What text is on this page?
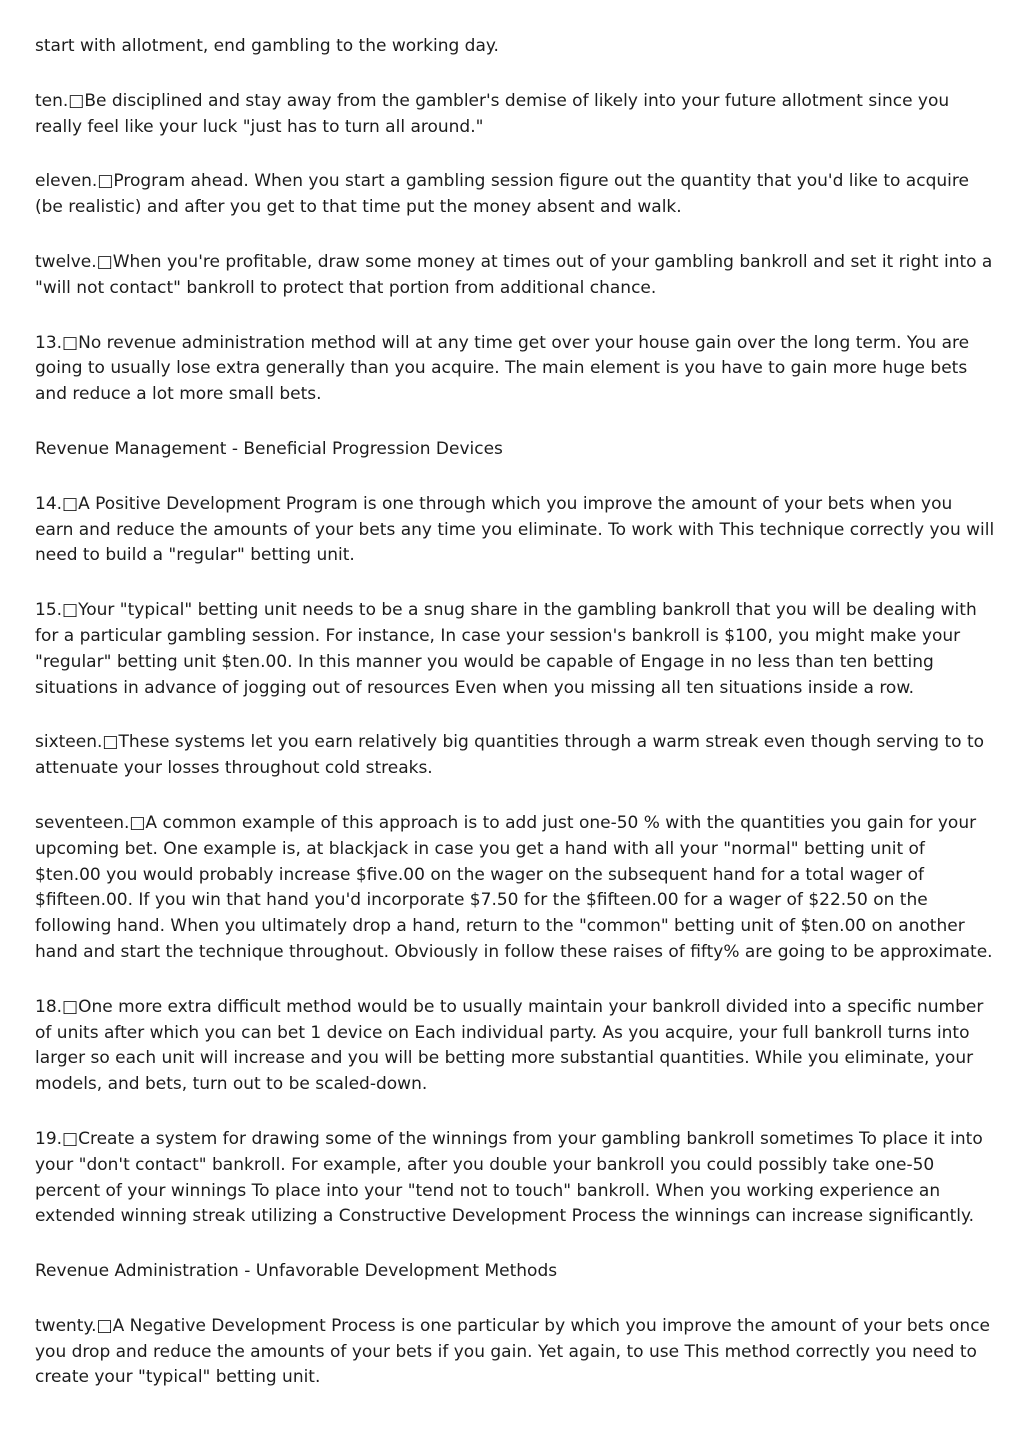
start with allotment, end gambling to the working day.

ten.□Be disciplined and stay away from the gambler's demise of likely into your future allotment since you really feel like your luck "just has to turn all around."

eleven.□Program ahead. When you start a gambling session figure out the quantity that you'd like to acquire (be realistic) and after you get to that time put the money absent and walk.

twelve.□When you're profitable, draw some money at times out of your gambling bankroll and set it right into a "will not contact" bankroll to protect that portion from additional chance.

13.□No revenue administration method will at any time get over your house gain over the long term. You are going to usually lose extra generally than you acquire. The main element is you have to gain more huge bets and reduce a lot more small bets.

Revenue Management - Beneficial Progression Devices

14.□A Positive Development Program is one through which you improve the amount of your bets when you earn and reduce the amounts of your bets any time you eliminate. To work with This technique correctly you will need to build a "regular" betting unit.

15.□Your "typical" betting unit needs to be a snug share in the gambling bankroll that you will be dealing with for a particular gambling session. For instance, In case your session's bankroll is $100, you might make your "regular" betting unit $ten.00. In this manner you would be capable of Engage in no less than ten betting situations in advance of jogging out of resources Even when you missing all ten situations inside a row.

sixteen.□These systems let you earn relatively big quantities through a warm streak even though serving to to attenuate your losses throughout cold streaks.

seventeen.□A common example of this approach is to add just one-50 % with the quantities you gain for your upcoming bet. One example is, at blackjack in case you get a hand with all your "normal" betting unit of $ten.00 you would probably increase $five.00 on the wager on the subsequent hand for a total wager of $fifteen.00. If you win that hand you'd incorporate $7.50 for the $fifteen.00 for a wager of $22.50 on the following hand. When you ultimately drop a hand, return to the "common" betting unit of $ten.00 on another hand and start the technique throughout. Obviously in follow these raises of fifty% are going to be approximate.

18.□One more extra difficult method would be to usually maintain your bankroll divided into a specific number of units after which you can bet 1 device on Each individual party. As you acquire, your full bankroll turns into larger so each unit will increase and you will be betting more substantial quantities. While you eliminate, your models, and bets, turn out to be scaled-down.

19.□Create a system for drawing some of the winnings from your gambling bankroll sometimes To place it into your "don't contact" bankroll. For example, after you double your bankroll you could possibly take one-50 percent of your winnings To place into your "tend not to touch" bankroll. When you working experience an extended winning streak utilizing a Constructive Development Process the winnings can increase significantly.

Revenue Administration - Unfavorable Development Methods

twenty.□A Negative Development Process is one particular by which you improve the amount of your bets once you drop and reduce the amounts of your bets if you gain. Yet again, to use This method correctly you need to create your "typical" betting unit.
